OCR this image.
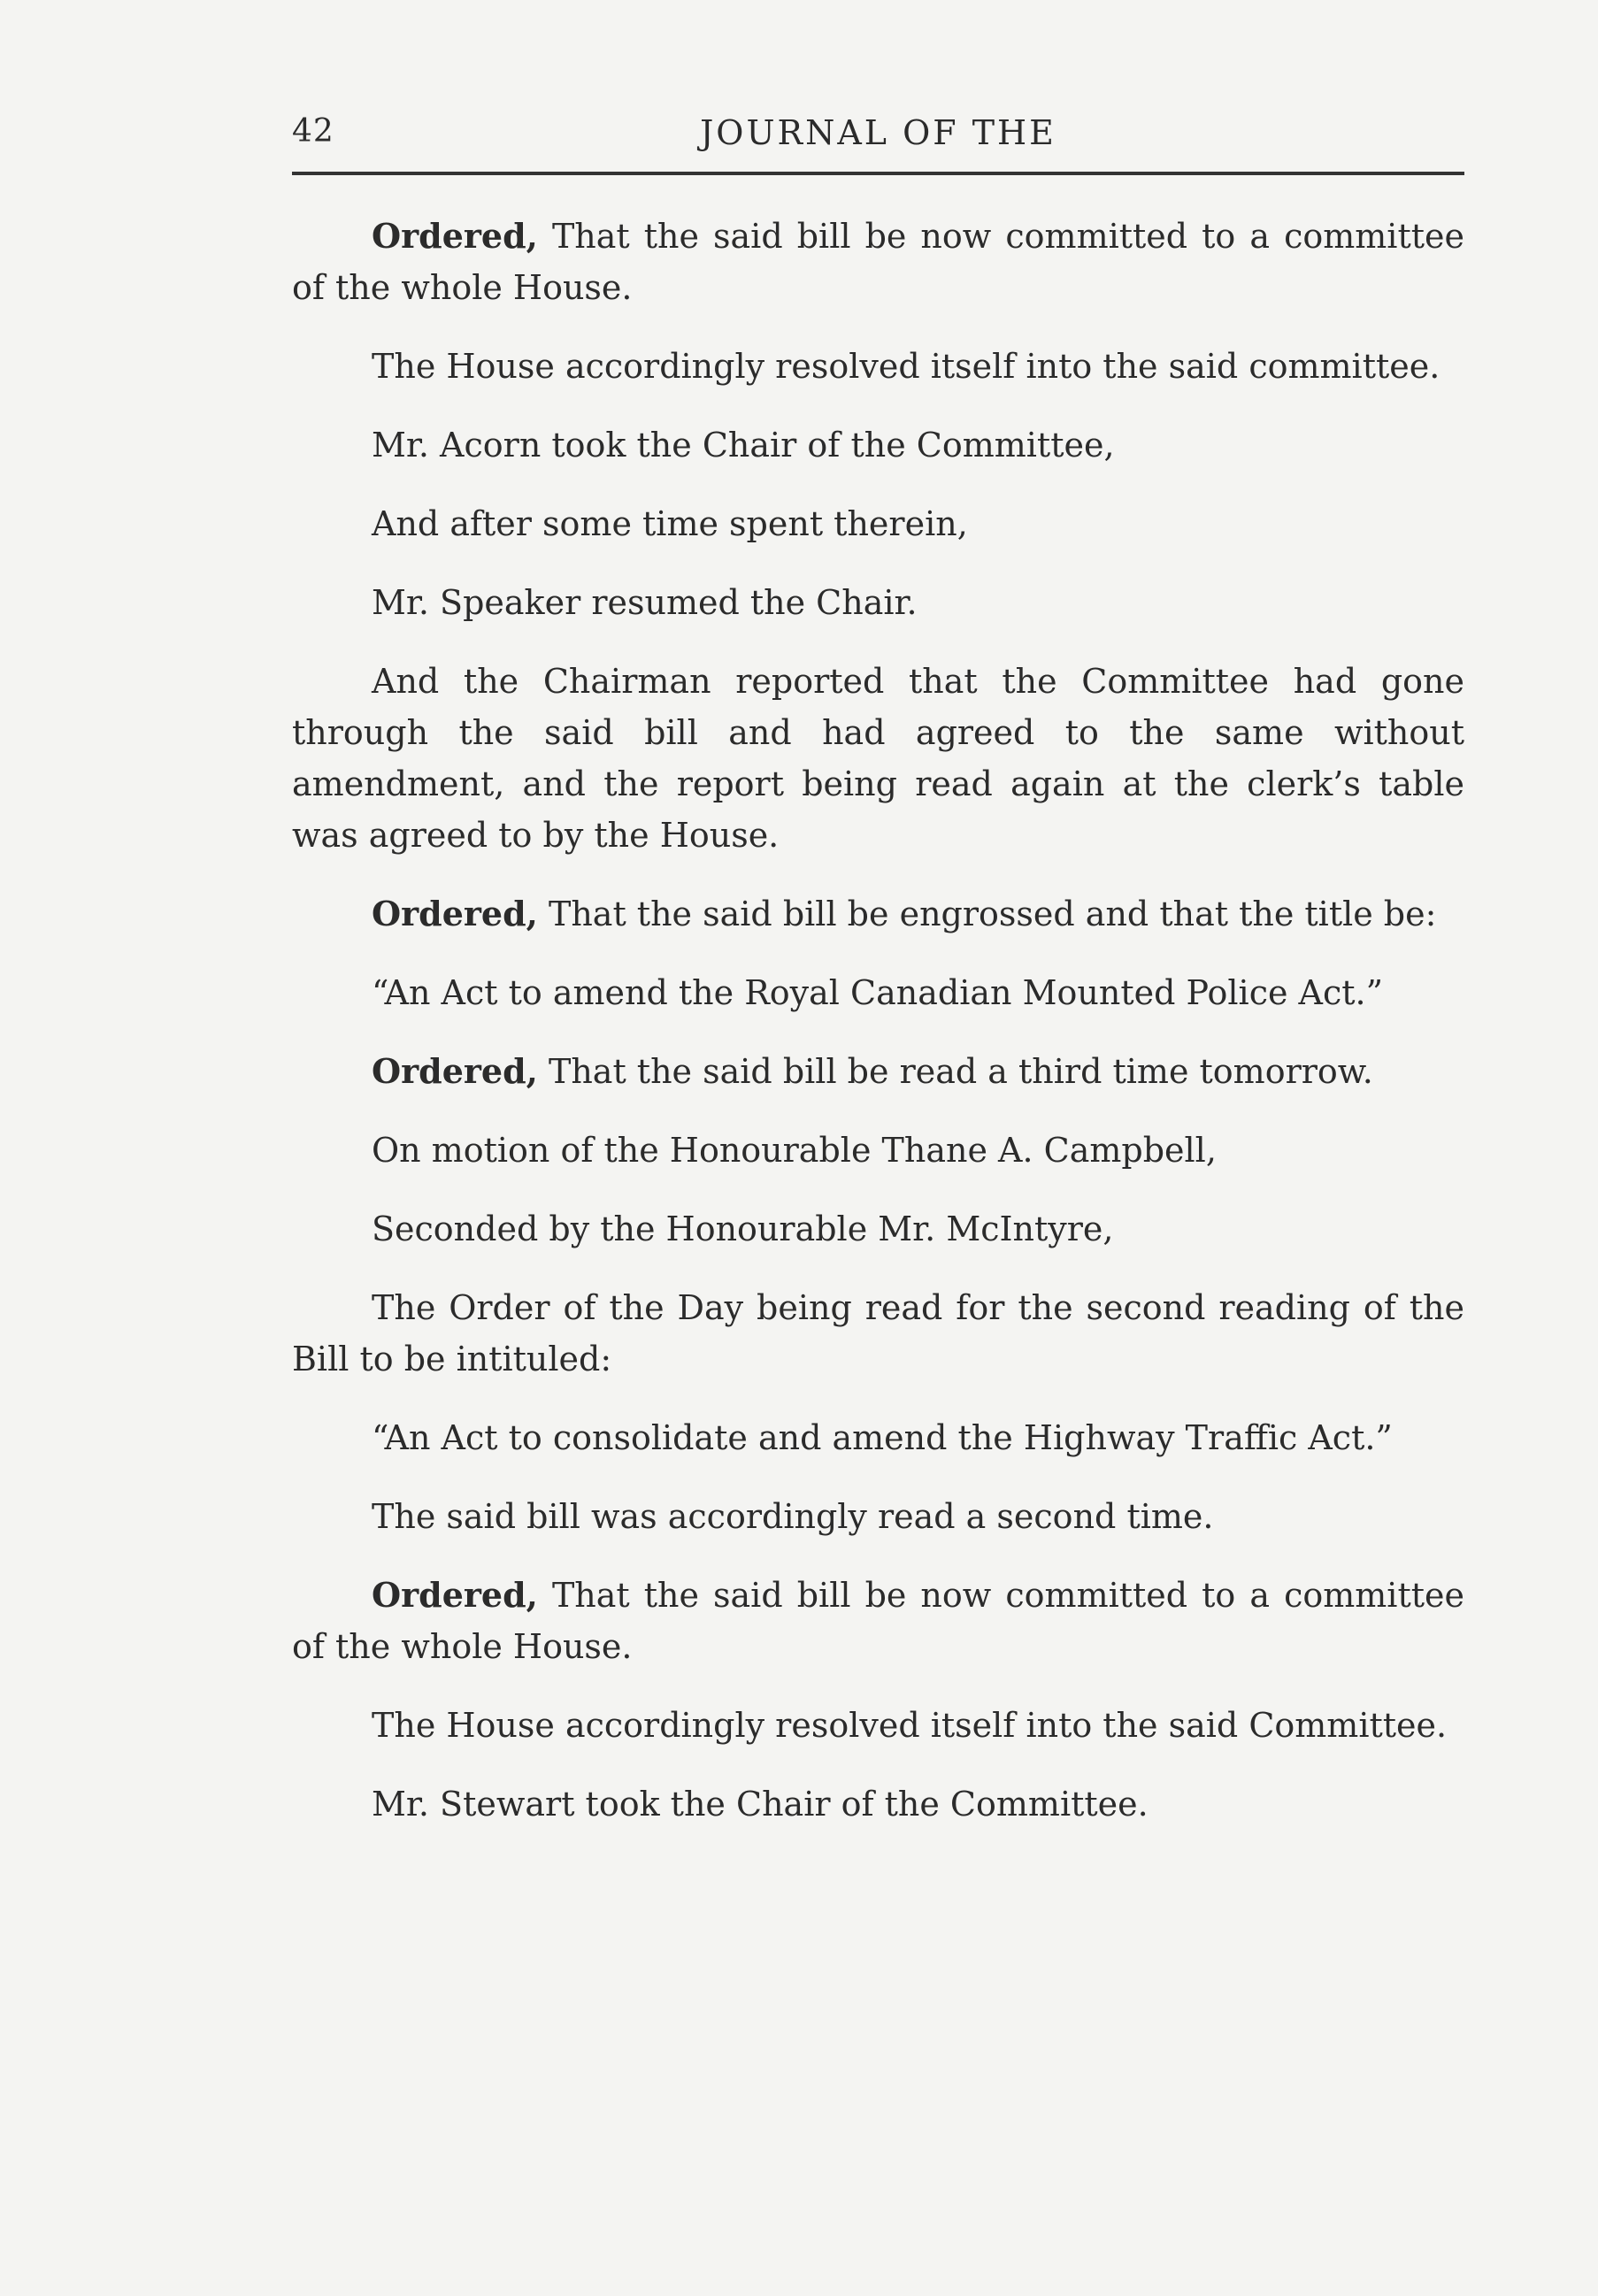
42	JOURNAL OF THE

Ordered, That the said bill be now committed to a committee of the whole House.

The House accordingly resolved itself into the said committee.

Mr. Acorn took the Chair of the Committee,

And after some time spent therein,

Mr. Speaker resumed the Chair.

And the Chairman reported that the Committee had gone through the said bill and had agreed to the same without amendment, and the report being read again at the clerk’s table was agreed to by the House.

Ordered, That the said bill be engrossed and that the title be:

“An Act to amend the Royal Canadian Mounted Police Act.”

Ordered, That the said bill be read a third time tomorrow.

On motion of the Honourable Thane A. Campbell,

Seconded by the Honourable Mr. McIntyre,

The Order of the Day being read for the second reading of the Bill to be intituled:

“An Act to consolidate and amend the Highway Traffic Act.”

The said bill was accordingly read a second time.

Ordered, That the said bill be now committed to a committee of the whole House.

The House accordingly resolved itself into the said Committee.

Mr. Stewart took the Chair of the Committee.
